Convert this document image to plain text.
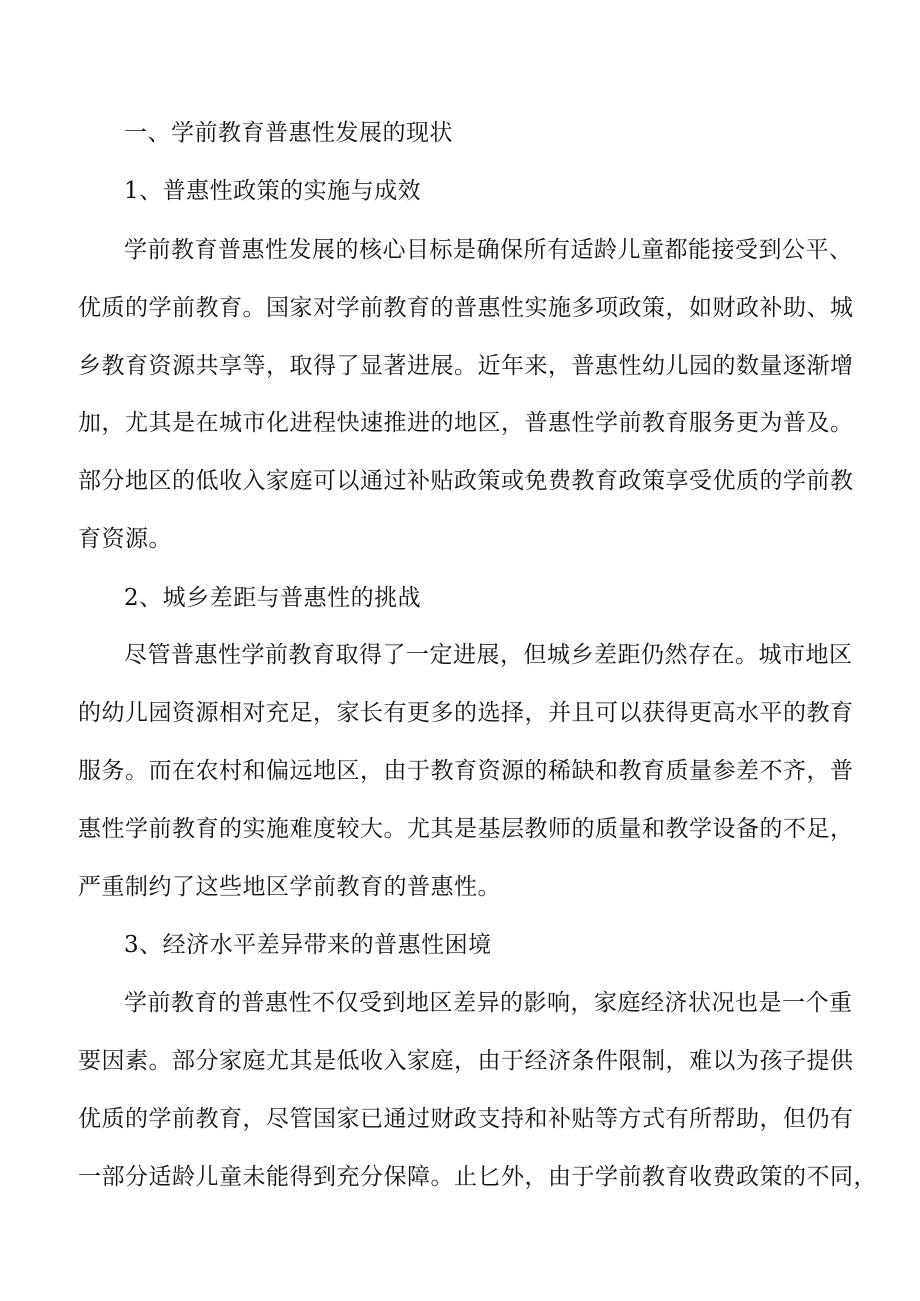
一、学前教育普惠性发展的现状
1、普惠性政策的实施与成效
学前教育普惠性发展的核心目标是确保所有适龄儿童都能接受到公平、
优质的学前教育。国家对学前教育的普惠性实施多项政策，如财政补助、城
乡教育资源共享等，取得了显著进展。近年来，普惠性幼儿园的数量逐渐增
加，尤其是在城市化进程快速推进的地区，普惠性学前教育服务更为普及。
部分地区的低收入家庭可以通过补贴政策或免费教育政策享受优质的学前教
育资源。
2、城乡差距与普惠性的挑战
尽管普惠性学前教育取得了一定进展，但城乡差距仍然存在。城市地区
的幼儿园资源相对充足，家长有更多的选择，并且可以获得更高水平的教育
服务。而在农村和偏远地区，由于教育资源的稀缺和教育质量参差不齐，普
惠性学前教育的实施难度较大。尤其是基层教师的质量和教学设备的不足，
严重制约了这些地区学前教育的普惠性。
3、经济水平差异带来的普惠性困境
学前教育的普惠性不仅受到地区差异的影响，家庭经济状况也是一个重
要因素。部分家庭尤其是低收入家庭，由于经济条件限制，难以为孩子提供
优质的学前教育，尽管国家已通过财政支持和补贴等方式有所帮助，但仍有
一部分适龄儿童未能得到充分保障。止匕外，由于学前教育收费政策的不同，
